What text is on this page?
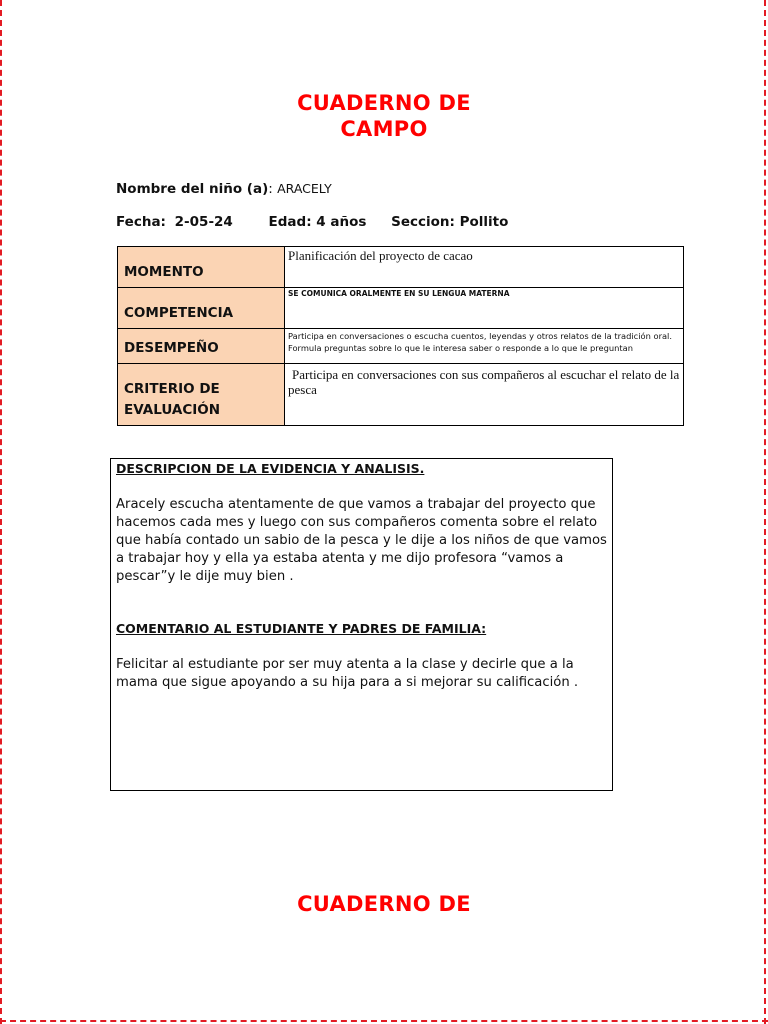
CUADERNO DE
CAMPO
Nombre del niño (a): ARACELY
Fecha: 2-05-24	Edad: 4 años Seccion: Pollito
MOMENTO	Planificación del proyecto de cacao
COMPETENCIA	SE COMUNICA ORALMENTE EN SU LENGUA MATERNA
DESEMPEÑO	Participa en conversaciones o escucha cuentos, leyendas y otros relatos de la tradición oral.
Formula preguntas sobre lo que le interesa saber o responde a lo que le preguntan

CRITERIO DE
EVALUACIÓN	Participa en conversaciones con sus compañeros al escuchar el relato de la pesca

DESCRIPCION DE LA EVIDENCIA Y ANALISIS.

Aracely escucha atentamente de que vamos a trabajar del proyecto que hacemos cada mes y luego con sus compañeros comenta sobre el relato que había contado un sabio de la pesca y le dije a los niños de que vamos a trabajar hoy y ella ya estaba atenta y me dijo profesora “vamos a pescar”y le dije muy bien .

COMENTARIO AL ESTUDIANTE Y PADRES DE FAMILIA:

Felicitar al estudiante por ser muy atenta a la clase y decirle que a la mama que sigue apoyando a su hija para a si mejorar su calificación .

CUADERNO DE
